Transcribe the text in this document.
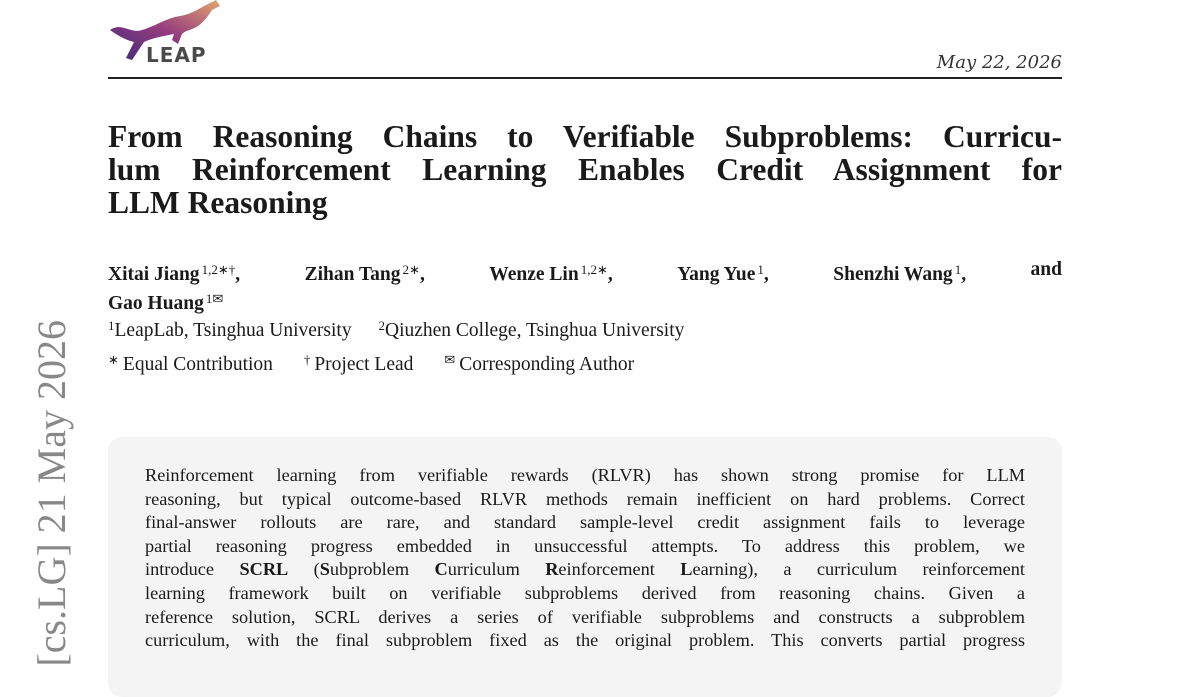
LEAP	May 22, 2026
[cs.LG] 21 May 2026
From Reasoning Chains to Verifiable Subproblems: Curricu-
lum Reinforcement Learning Enables Credit Assignment for
LLM Reasoning
Xitai Jiang $^{1,2∗\dagger}$,	Zihan Tang $^{2∗}$,	Wenze Lin $^{1,2∗}$,	Yang Yue $^1$,	Shenzhi Wang $^1$,	and
Gao Huang $^{1✉}$
$^1$LeapLab, Tsinghua University $^2$Qiuzhen College, Tsinghua University
∗ Equal Contribution † Project Lead ✉ Corresponding Author
Reinforcement learning from verifiable rewards (RLVR) has shown strong promise for LLM
reasoning, but typical outcome-based RLVR methods remain inefficient on hard problems. Correct
final-answer rollouts are rare, and standard sample-level credit assignment fails to leverage
partial reasoning progress embedded in unsuccessful attempts. To address this problem, we
introduce SCRL (Subproblem Curriculum Reinforcement Learning), a curriculum reinforcement
learning framework built on verifiable subproblems derived from reasoning chains. Given a
reference solution, SCRL derives a series of verifiable subproblems and constructs a subproblem
curriculum, with the final subproblem fixed as the original problem. This converts partial progress
